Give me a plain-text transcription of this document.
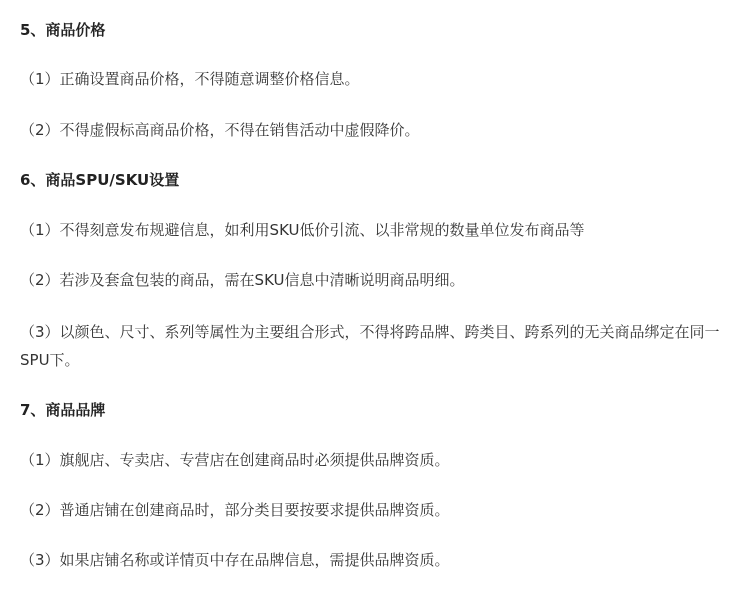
5、商品价格
（1）正确设置商品价格，不得随意调整价格信息。
（2）不得虚假标高商品价格，不得在销售活动中虚假降价。
6、商品SPU/SKU设置
（1）不得刻意发布规避信息，如利用SKU低价引流、以非常规的数量单位发布商品等
（2）若涉及套盒包装的商品，需在SKU信息中清晰说明商品明细。
（3）以颜色、尺寸、系列等属性为主要组合形式，不得将跨品牌、跨类目、跨系列的无关商品绑定在同一SPU下。
7、商品品牌
（1）旗舰店、专卖店、专营店在创建商品时必须提供品牌资质。
（2）普通店铺在创建商品时，部分类目要按要求提供品牌资质。
（3）如果店铺名称或详情页中存在品牌信息，需提供品牌资质。
